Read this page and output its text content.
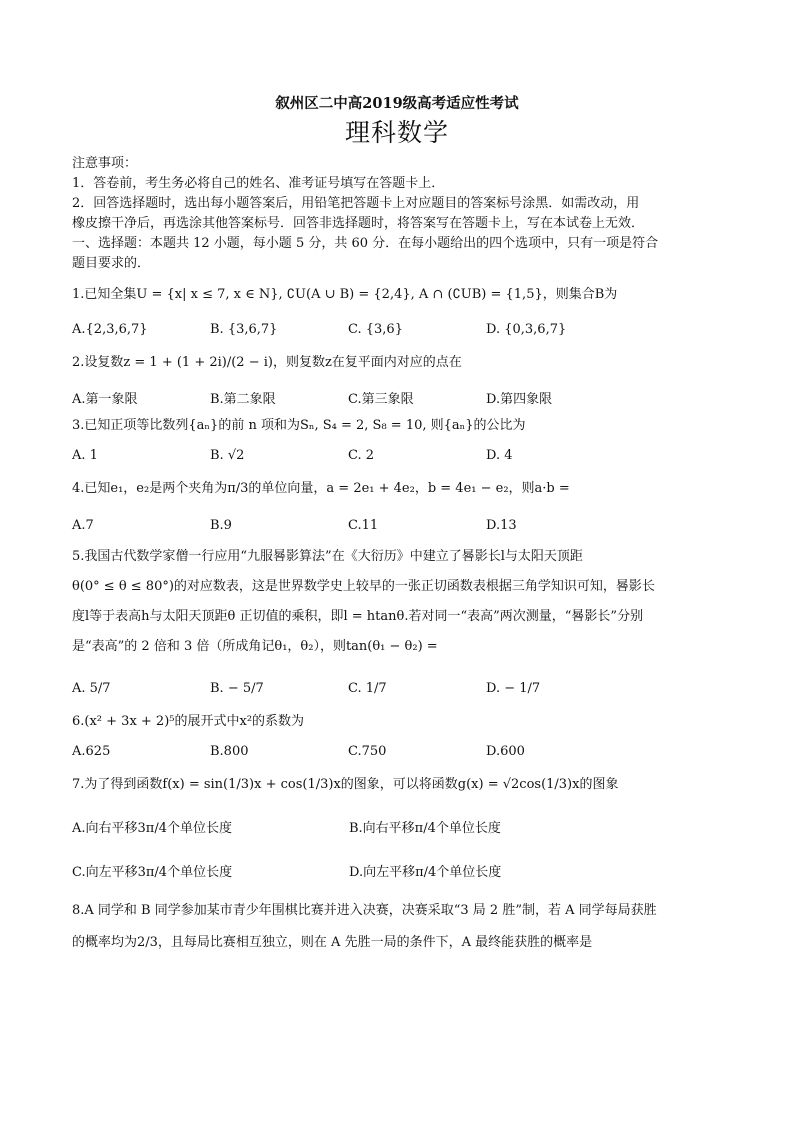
叙州区二中高2019级高考适应性考试
理科数学
注意事项：
1．答卷前，考生务必将自己的姓名、准考证号填写在答题卡上．
2．回答选择题时，选出每小题答案后，用铅笔把答题卡上对应题目的答案标号涂黑．如需改动，用
橡皮擦干净后，再选涂其他答案标号．回答非选择题时，将答案写在答题卡上，写在本试卷上无效．
一、选择题：本题共 12 小题，每小题 5 分，共 60 分．在每小题给出的四个选项中，只有一项是符合
题目要求的．
1.已知全集U = {x| x ≤ 7, x ∈ N}, ∁U(A ∪ B) = {2,4}, A ∩ (∁UB) = {1,5}，则集合B为
A.{2,3,6,7}	B. {3,6,7}	C. {3,6}	D. {0,3,6,7}
2.设复数z = 1 + (1 + 2i)/(2 − i)，则复数z在复平面内对应的点在
A.第一象限	B.第二象限	C.第三象限	D.第四象限
3.已知正项等比数列{aₙ}的前 n 项和为Sₙ, S₄ = 2, S₈ = 10, 则{aₙ}的公比为
A. 1	B. √2	C. 2	D. 4
4.已知e₁，e₂是两个夹角为π/3的单位向量，a = 2e₁ + 4e₂，b = 4e₁ − e₂，则a·b =
A.7	B.9	C.11	D.13
5.我国古代数学家僧一行应用“九服晷影算法”在《大衍历》中建立了晷影长l与太阳天顶距
θ(0° ≤ θ ≤ 80°)的对应数表，这是世界数学史上较早的一张正切函数表根据三角学知识可知，晷影长
度l等于表高h与太阳天顶距θ 正切值的乘积，即l = htanθ.若对同一“表高”两次测量，“晷影长”分别
是“表高”的 2 倍和 3 倍（所成角记θ₁，θ₂），则tan(θ₁ − θ₂) =
A. 5/7	B. − 5/7	C. 1/7	D. − 1/7
6.(x² + 3x + 2)⁵的展开式中x²的系数为
A.625	B.800	C.750	D.600
7.为了得到函数f(x) = sin(1/3)x + cos(1/3)x的图象，可以将函数g(x) = √2cos(1/3)x的图象
A.向右平移3π/4个单位长度	B.向右平移π/4个单位长度
C.向左平移3π/4个单位长度	D.向左平移π/4个单位长度
8.A 同学和 B 同学参加某市青少年围棋比赛并进入决赛，决赛采取“3 局 2 胜”制，若 A 同学每局获胜
的概率均为2/3，且每局比赛相互独立，则在 A 先胜一局的条件下，A 最终能获胜的概率是
